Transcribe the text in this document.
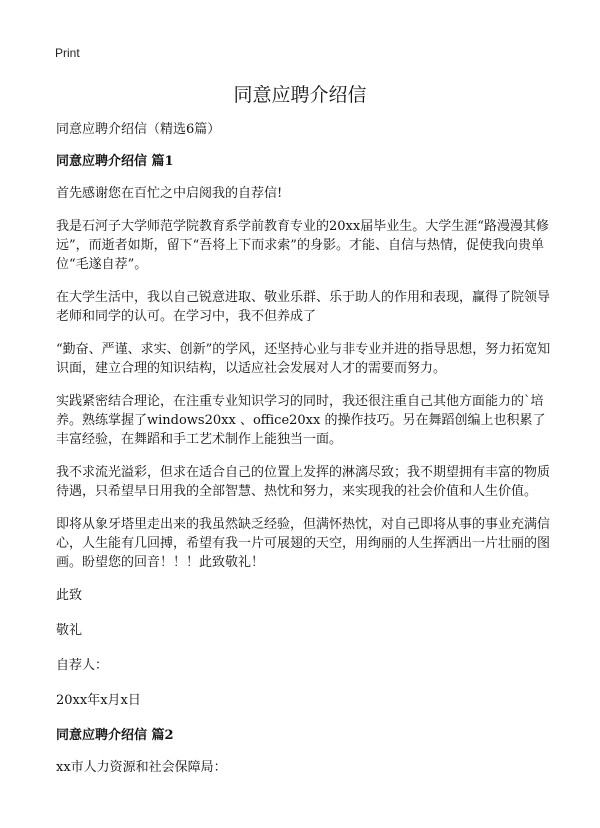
Print
同意应聘介绍信

同意应聘介绍信（精选6篇）

同意应聘介绍信 篇1

首先感谢您在百忙之中启阅我的自荐信!

我是石河子大学师范学院教育系学前教育专业的20xx届毕业生。大学生涯“路漫漫其修远”，而逝者如斯，留下“吾将上下而求索”的身影。才能、自信与热情，促使我向贵单位“毛遂自荐”。

在大学生活中，我以自己锐意进取、敬业乐群、乐于助人的作用和表现，赢得了院领导老师和同学的认可。在学习中，我不但养成了

“勤奋、严谨、求实、创新”的学风，还坚持心业与非专业并进的指导思想，努力拓宽知识面，建立合理的知识结构，以适应社会发展对人才的需要而努力。

实践紧密结合理论，在注重专业知识学习的同时，我还很注重自己其他方面能力的`培养。熟练掌握了windows20xx 、office20xx 的操作技巧。另在舞蹈创编上也积累了丰富经验，在舞蹈和手工艺术制作上能独当一面。

我不求流光溢彩，但求在适合自己的位置上发挥的淋漓尽致；我不期望拥有丰富的物质待遇，只希望早日用我的全部智慧、热忱和努力，来实现我的社会价值和人生价值。

即将从象牙塔里走出来的我虽然缺乏经验，但满怀热忱，对自己即将从事的事业充满信心，人生能有几回搏，希望有我一片可展翅的天空，用绚丽的人生挥洒出一片壮丽的图画。盼望您的回音！！！此致敬礼！

此致

敬礼

自荐人：

20xx年x月x日

同意应聘介绍信 篇2

xx市人力资源和社会保障局：
